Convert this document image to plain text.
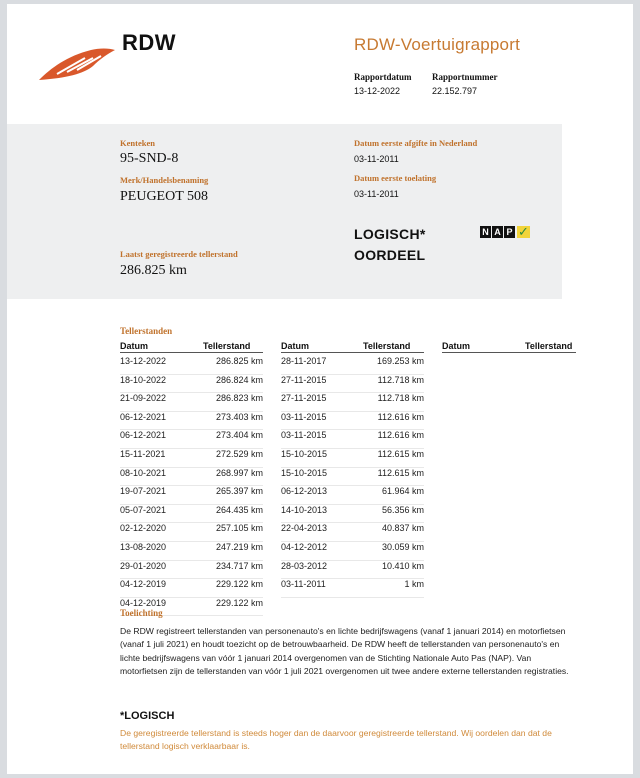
RDW	RDW-Voertuigrapport
Rapportdatum Rapportnummer
13-12-2022	22.152.797
Kenteken
95-SND-8
Merk/Handelsbenaming
PEUGEOT 508
Datum eerste afgifte in Nederland
03-11-2011
Datum eerste toelating
03-11-2011
LOGISCH*
OORDEEL
N A P ✓
Laatst geregistreerde tellerstand
286.825 km
Tellerstanden
Datum	Tellerstand	Datum	Tellerstand	Datum	Tellerstand
13-12-2022	286.825 km
18-10-2022	286.824 km
21-09-2022	286.823 km
06-12-2021	273.403 km
06-12-2021	273.404 km
15-11-2021	272.529 km
08-10-2021	268.997 km
19-07-2021	265.397 km
05-07-2021	264.435 km
02-12-2020	257.105 km
13-08-2020	247.219 km
29-01-2020	234.717 km
04-12-2019	229.122 km
04-12-2019	229.122 km
28-11-2017	169.253 km
27-11-2015	112.718 km
27-11-2015	112.718 km
03-11-2015	112.616 km
03-11-2015	112.616 km
15-10-2015	112.615 km
15-10-2015	112.615 km
06-12-2013	61.964 km
14-10-2013	56.356 km
22-04-2013	40.837 km
04-12-2012	30.059 km
28-03-2012	10.410 km
03-11-2011	1 km
Toelichting
De RDW registreert tellerstanden van personenauto's en lichte bedrijfswagens (vanaf 1 januari 2014) en motorfietsen (vanaf 1 juli 2021) en houdt toezicht op de betrouwbaarheid. De RDW heeft de tellerstanden van personenauto's en lichte bedrijfswagens van vóór 1 januari 2014 overgenomen van de Stichting Nationale Auto Pas (NAP). Van motorfietsen zijn de tellerstanden van vóór 1 juli 2021 overgenomen uit twee andere externe tellerstanden registraties.
*LOGISCH
De geregistreerde tellerstand is steeds hoger dan de daarvoor geregistreerde tellerstand. Wij oordelen dan dat de tellerstand logisch verklaarbaar is.
